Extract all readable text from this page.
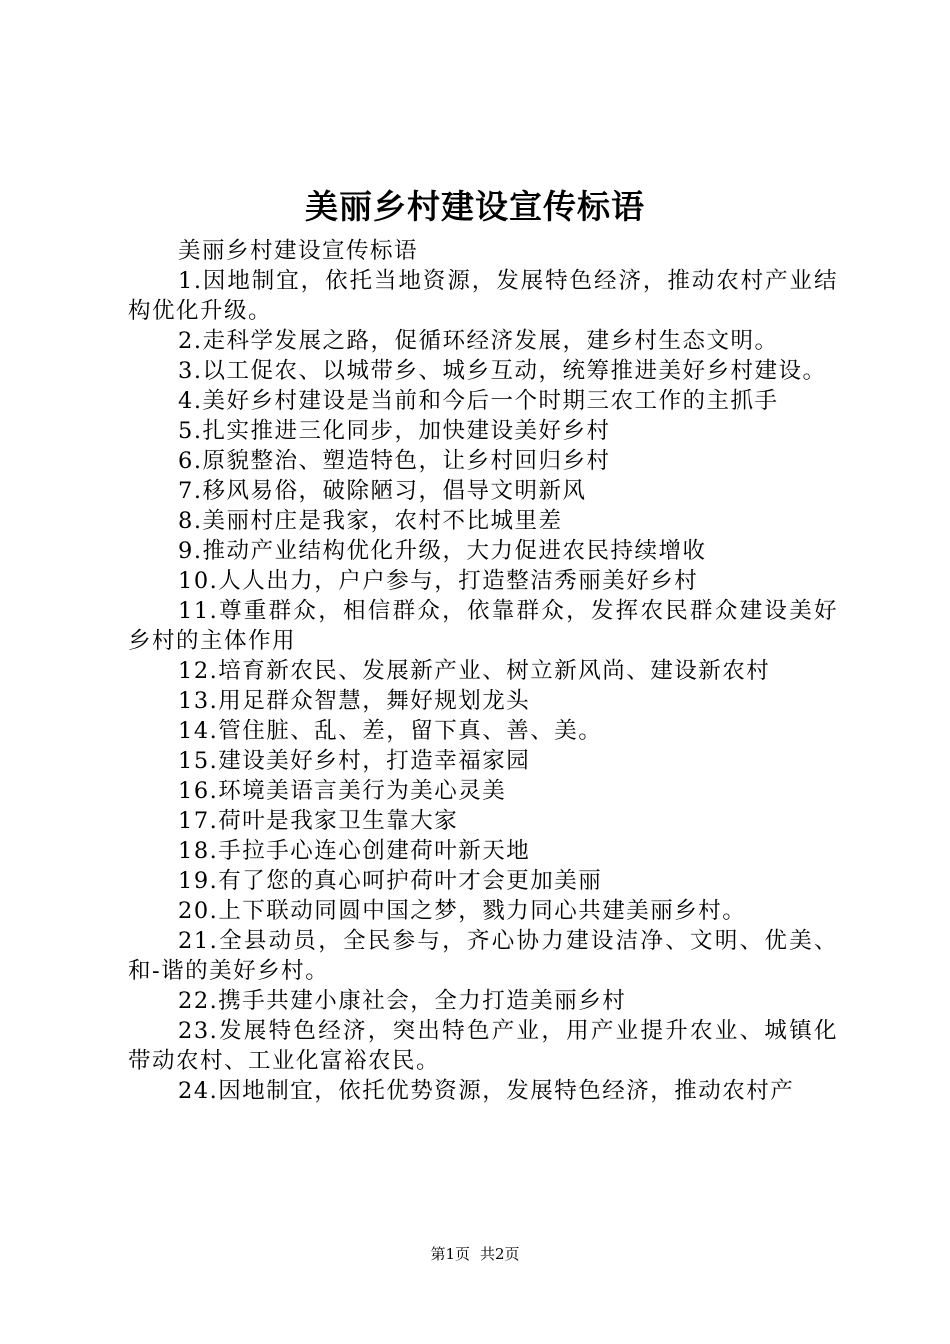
美丽乡村建设宣传标语

美丽乡村建设宣传标语

1.因地制宜，依托当地资源，发展特色经济，推动农村产业结构优化升级。

2.走科学发展之路，促循环经济发展，建乡村生态文明。

3.以工促农、以城带乡、城乡互动，统筹推进美好乡村建设。

4.美好乡村建设是当前和今后一个时期三农工作的主抓手

5.扎实推进三化同步，加快建设美好乡村

6.原貌整治、塑造特色，让乡村回归乡村

7.移风易俗，破除陋习，倡导文明新风

8.美丽村庄是我家，农村不比城里差

9.推动产业结构优化升级，大力促进农民持续增收

10.人人出力，户户参与，打造整洁秀丽美好乡村

11.尊重群众，相信群众，依靠群众，发挥农民群众建设美好乡村的主体作用

12.培育新农民、发展新产业、树立新风尚、建设新农村

13.用足群众智慧，舞好规划龙头

14.管住脏、乱、差，留下真、善、美。

15.建设美好乡村，打造幸福家园

16.环境美语言美行为美心灵美

17.荷叶是我家卫生靠大家

18.手拉手心连心创建荷叶新天地

19.有了您的真心呵护荷叶才会更加美丽

20.上下联动同圆中国之梦，戮力同心共建美丽乡村。

21.全县动员，全民参与，齐心协力建设洁净、文明、优美、和-谐的美好乡村。

22.携手共建小康社会，全力打造美丽乡村

23.发展特色经济，突出特色产业，用产业提升农业、城镇化带动农村、工业化富裕农民。

24.因地制宜，依托优势资源，发展特色经济，推动农村产

第1页 共2页
